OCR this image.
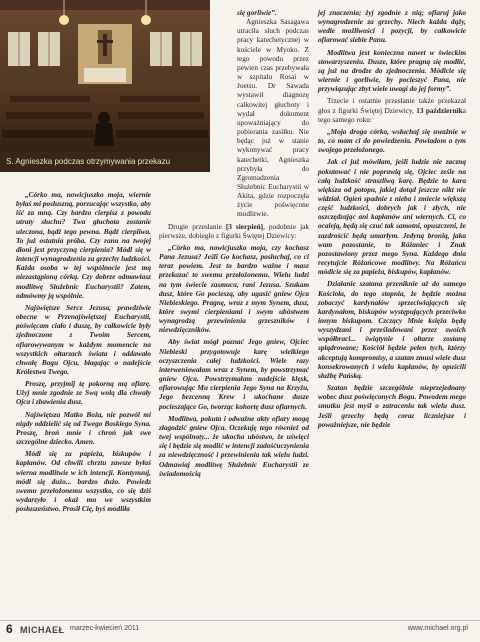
S. Agnieszka podczas otrzymywania przekazu

„Córko ma, nowicjuszko moja, wiernie byłaś mi posłuszną, porzucając wszystko, aby iść za mną. Czy bardzo cierpisz z powodu utraty słuchu? Twa głuchota zostanie uleczona, bądź tego pewna. Bądź cierpliwa. To już ostatnia próba. Czy rana na twojej dłoni jest przyczyną cierpienia? Módl się w intencji wynagrodzenia za grzechy ludzkości. Każda osoba w tej wspólnocie jest mą niezastąpioną córką. Czy dobrze odmawiasz modlitwę Służebnic Eucharystii? Zatem, odmówmy ją wspólnie.

Najświętsze Serce Jezusa, prawdziwie obecne w Przenajświętszej Eucharystii, poświęcam ciało i duszę, by całkowicie były zjednoczone z Twoim Sercem, ofiarowywanym w każdym momencie na wszystkich ołtarzach świata i oddawało chwałę Bogu Ojcu, błagając o nadejście Królestwa Twego.

Proszę, przyjmij tę pokorną mą ofiarę. Użyj mnie zgodnie ze Swą wolą dla chwały Ojca i zbawienia dusz.

Najświętsza Matko Boża, nie pozwól mi nigdy oddzielić się od Twego Boskiego Syna. Proszę, broń mnie i chroń jak swe szczególne dziecko. Amen.

Módl się za papieża, biskupów i kapłanów. Od chwili chrztu zawsze byłaś wierna modlitwie w ich intencji. Kontynuuj, módl się dużo... bardzo dużo. Powiedz swemu przełożonemu wszystko, co się dziś wydarzyło i okaż mu we wszystkim posłuszeństwo. Prosił Cię, byś modliła

się gorliwie”.

Agnieszka Sasagawa utraciła słuch podczas pracy katechetycznej w kościele w Myoko. Z tego powodu przez pewien czas przebywała w szpitalu Rosai w Joetsu. Dr Sawada wystawił diagnozę całkowitej głuchoty i wydał dokument upoważniający do pobierania zasiłku. Nie będąc już w stanie wykonywać pracy katechetki, Agnieszka przybyła do Zgromadzenia Służebnic Eucharystii w Akita, gdzie rozpoczęła życie poświęcone modlitwie.

Drugie przesłanie [3 sierpień], podobnie jak pierwsze, dobiegło z figurki Świętej Dziewicy:

„Córko ma, nowicjuszko moja, czy kochasz Pana Jezusa? Jeśli Go kochasz, posłuchaj, co ci teraz powiem. Jest to bardzo ważne i masz przekazać to swemu przełożonemu. Wielu ludzi na tym świecie zasmuca, rani Jezusa. Szukam dusz, które Go pocieszą, aby ugasić gniew Ojca Niebieskiego. Pragnę, wraz z mym Synem, dusz, które swymi cierpieniami i swym ubóstwem wynagrodzą przewinienia grzeszników i niewdzięczników.

Aby świat mógł poznać Jego gniew, Ojciec Niebieski przygotowuje karę wielkiego oczyszczenia całej ludzkości. Wiele razy interweniowałam wraz z Synem, by powstrzymać gniew Ojca. Powstrzymałam nadejście klęsk, ofiarowując Mu cierpienia Jego Syna na Krzyżu, Jego bezcenną Krew i ukochane dusze pocieszające Go, tworząc kohortę dusz ofiarnych.

Modlitwa, pokuta i odważne akty ofiary mogą złagodzić gniew Ojca. Oczekuję tego również od twej wspólnoty... że ukocha ubóstwo, że uświęci się i będzie się modlić w intencji zadośćuczynienia za niewdzięczność i przewinienia tak wielu ludzi. Odmawiaj modlitwę Służebnic Eucharystii ze świadomością

jej znaczenia; żyj zgodnie z nią; ofiaruj jako wynagrodzenie za grzechy. Niech każda dąży, wedle możliwości i pozycji, by całkowicie ofiarować siebie Panu.

Modlitwa jest konieczna nawet w świeckim stowarzyszeniu. Dusze, które pragną się modlić, są już na drodze do zjednoczenia. Módlcie się wiernie i gorliwie, by pocieszyć Pana, nie przywiązując zbyt wiele uwagi do jej formy”.

Trzecie i ostatnie przesłanie także przekazał głos z figurki Świętej Dziewicy, 13 października tego samego roku:

„Moja droga córko, wsłuchaj się uważnie w to, co mam ci do powiedzenia. Powiadom o tym swojego przełożonego.

Jak ci już mówiłam, jeśli ludzie nie zaczną pokutować i nie poprawią się, Ojciec ześle na całą ludzkość straszliwą karę. Będzie to kara większa od potopu, jakiej dotąd jeszcze nikt nie widział. Ogień spadnie z nieba i zmiecie większą część ludzkości, dobrych jak i złych, nie oszczędzając ani kapłanów ani wiernych. Ci, co ocaleją, będą się czuć tak samotni, opuszczeni, że zazdrościć będą umarłym. Jedyną bronią, jaka wam pozostanie, to Różaniec i Znak pozostawiony przez mego Syna. Każdego dnia recytujcie Różańcowe modlitwy. Na Różańcu módlcie się za papieża, biskupów, kapłanów.

Działanie szatana przeniknie aż do samego Kościoła, do tego stopnia, że będzie można zobaczyć kardynałów sprzeciwiających się kardynałom, biskupów występujących przeciwko innym biskupom. Czczący Mnie księża będą wyszydzani i prześladowani przez swoich współbraci... świątynie i ołtarze zostaną splądrowane; Kościół będzie pełen tych, którzy akceptują kompromisy, a szatan zmusi wiele dusz konsekrowanych i wielu kapłanów, by opuścili służbę Pańską.

Szatan będzie szczególnie nieprzejednany wobec dusz poświęconych Bogu. Powodem mego smutku jest myśl o zatraceniu tak wielu dusz. Jeśli grzechy będą coraz liczniejsze i poważniejsze, nie będzie

6 MICHAEŁ marzec-kwiecień 2011	www.michael.org.pl
